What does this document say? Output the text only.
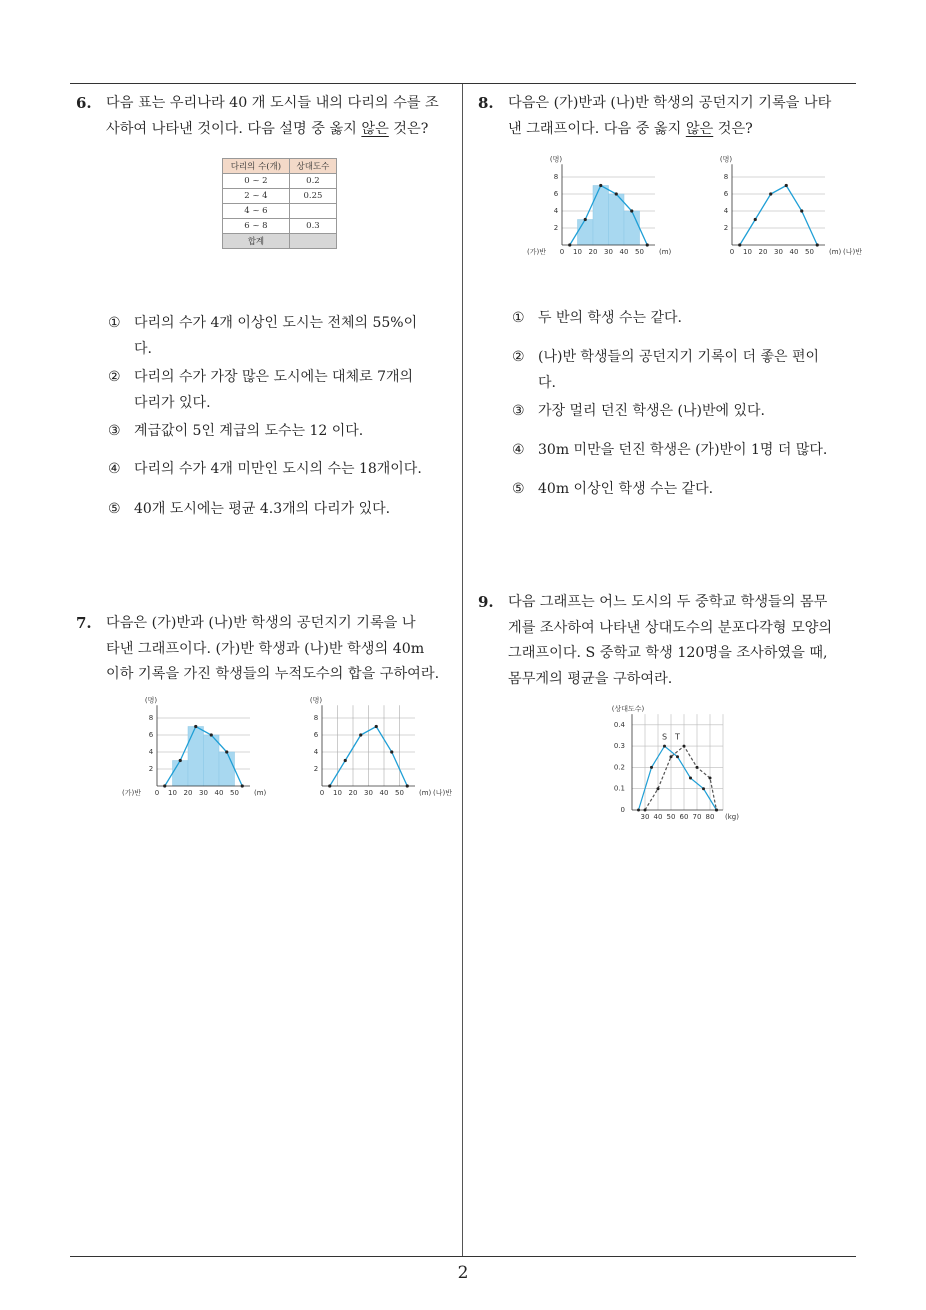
2
6. 다음 표는 우리나라 40 개 도시들 내의 다리의 수를 조
사하여 나타낸 것이다. 다음 설명 중 옳지 않은 것은?
다리의 수(개)	상대도수
0 ~ 2	0.2
2 ~ 4	0.25
4 ~ 6	
6 ~ 8	0.3
합계	
① 다리의 수가 4개 이상인 도시는 전체의 55%이
다.
② 다리의 수가 가장 많은 도시에는 대체로 7개의
다리가 있다.
③ 계급값이 5인 계급의 도수는 12 이다.
④ 다리의 수가 4개 미만인 도시의 수는 18개이다.
⑤ 40개 도시에는 평균 4.3개의 다리가 있다.
7. 다음은 (가)반과 (나)반 학생의 공던지기 기록을 나
타낸 그래프이다. (가)반 학생과 (나)반 학생의 40m
이하 기록을 가진 학생들의 누적도수의 합을 구하여라.
8. 다음은 (가)반과 (나)반 학생의 공던지기 기록을 나타
낸 그래프이다. 다음 중 옳지 않은 것은?
① 두 반의 학생 수는 같다.
② (나)반 학생들의 공던지기 기록이 더 좋은 편이
다.
③ 가장 멀리 던진 학생은 (나)반에 있다.
④ 30m 미만을 던진 학생은 (가)반이 1명 더 많다.
⑤ 40m 이상인 학생 수는 같다.
9. 다음 그래프는 어느 도시의 두 중학교 학생들의 몸무
게를 조사하여 나타낸 상대도수의 분포다각형 모양의
그래프이다. S 중학교 학생 120명을 조사하였을 때,
몸무게의 평균을 구하여라.
0 10 20 30 40 50
2
4
6
8
(명)
(m)
(가)반	0 10 20 30 40 50
2
4
6
8
(명)
(m) (나)반
0 10 20 30 40 50
2
4
6
8
(명)
(m)
(가)반	0 10 20 30 40 50
2
4
6
8
(명)
(m) (나)반
S T
30 40 50 60 70 80
0
0.1
0.2
0.3
0.4
(상대도수)
(kg)
